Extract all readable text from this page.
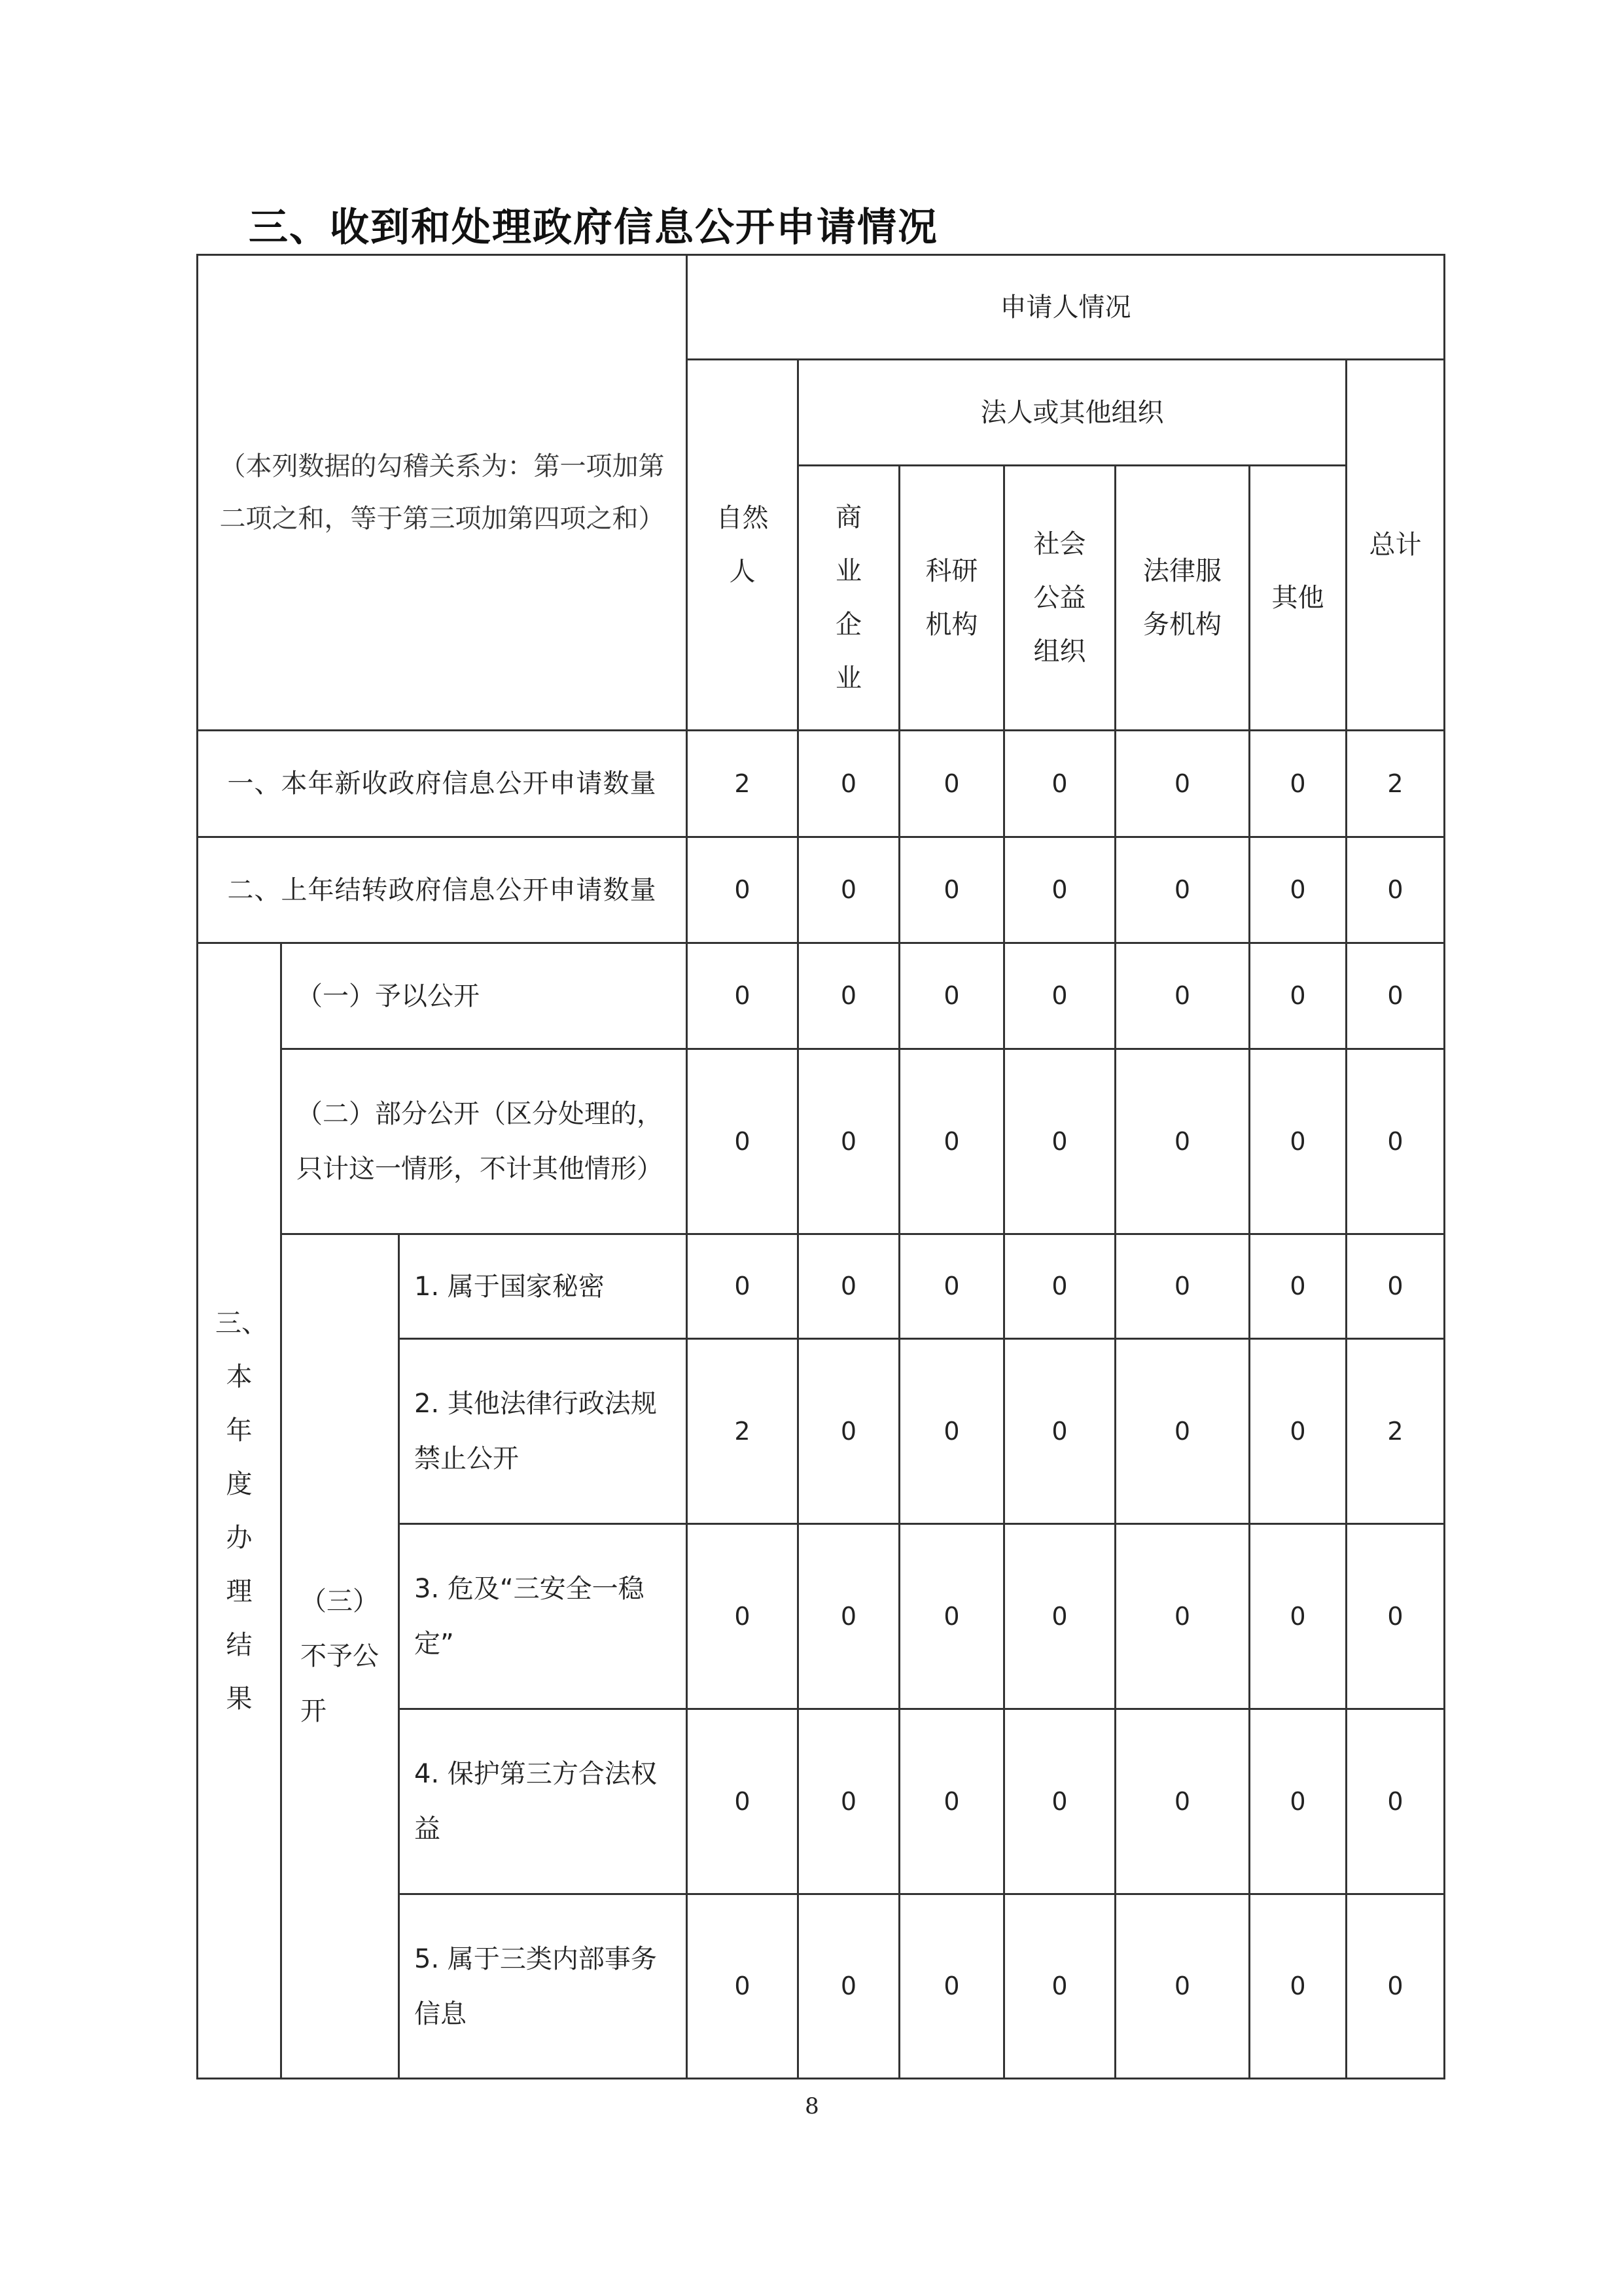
三、收到和处理政府信息公开申请情况
（本列数据的勾稽关系为：第一项加第二项之和，等于第三项加第四项之和）			申请人情况						
			自然人	法人或其他组织					总计
				商业企业	科研机构	社会公益组织	法律服务机构	其他	
一、本年新收政府信息公开申请数量			2	0	0	0	0	0	2
二、上年结转政府信息公开申请数量			0	0	0	0	0	0	0
三、本年度办理结果	（一）予以公开		0	0	0	0	0	0	0
	（二）部分公开（区分处理的，只计这一情形，不计其他情形）		0	0	0	0	0	0	0
	（三）不予公开	1. 属于国家秘密	0	0	0	0	0	0	0
		2. 其他法律行政法规禁止公开	2	0	0	0	0	0	2
		3. 危及“三安全一稳定”	0	0	0	0	0	0	0
		4. 保护第三方合法权益	0	0	0	0	0	0	0
		5. 属于三类内部事务信息	0	0	0	0	0	0	0
8
